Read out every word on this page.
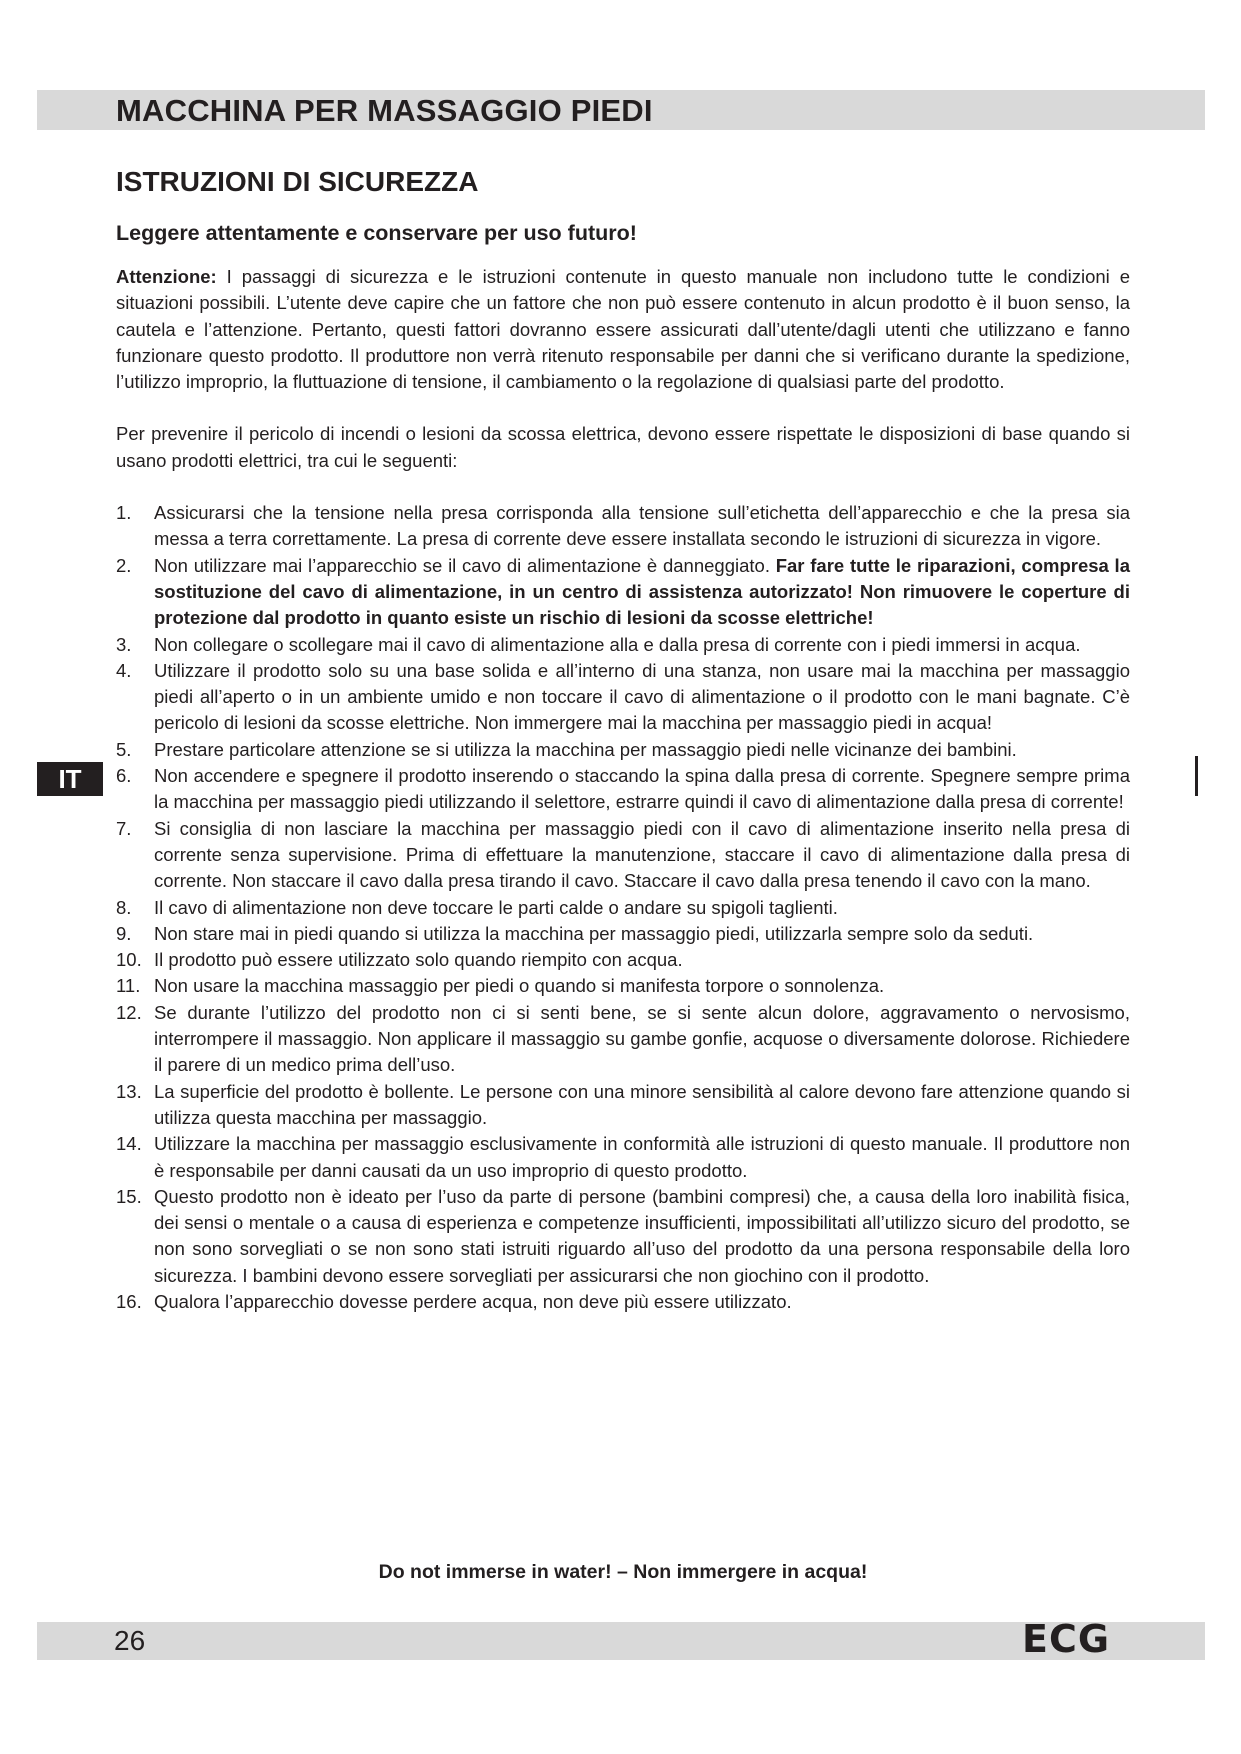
MACCHINA PER MASSAGGIO PIEDI
ISTRUZIONI DI SICUREZZA
Leggere attentamente e conservare per uso futuro!

Attenzione: I passaggi di sicurezza e le istruzioni contenute in questo manuale non includono tutte le condizioni e situazioni possibili. L’utente deve capire che un fattore che non può essere contenuto in alcun prodotto è il buon senso, la cautela e l’attenzione. Pertanto, questi fattori dovranno essere assicurati dall’utente/dagli utenti che utilizzano e fanno funzionare questo prodotto. Il produttore non verrà ritenuto responsabile per danni che si verificano durante la spedizione, l’utilizzo improprio, la fluttuazione di tensione, il cambiamento o la regolazione di qualsiasi parte del prodotto.

Per prevenire il pericolo di incendi o lesioni da scossa elettrica, devono essere rispettate le disposizioni di base quando si usano prodotti elettrici, tra cui le seguenti:

1.	Assicurarsi che la tensione nella presa corrisponda alla tensione sull’etichetta dell’apparecchio e che la presa sia messa a terra correttamente. La presa di corrente deve essere installata secondo le istruzioni di sicurezza in vigore.
2.	Non utilizzare mai l’apparecchio se il cavo di alimentazione è danneggiato. Far fare tutte le riparazioni, compresa la sostituzione del cavo di alimentazione, in un centro di assistenza autorizzato! Non rimuovere le coperture di protezione dal prodotto in quanto esiste un rischio di lesioni da scosse elettriche!
3.	Non collegare o scollegare mai il cavo di alimentazione alla e dalla presa di corrente con i piedi immersi in acqua.
4.	Utilizzare il prodotto solo su una base solida e all’interno di una stanza, non usare mai la macchina per massaggio piedi all’aperto o in un ambiente umido e non toccare il cavo di alimentazione o il prodotto con le mani bagnate. C’è pericolo di lesioni da scosse elettriche. Non immergere mai la macchina per massaggio piedi in acqua!
5.	Prestare particolare attenzione se si utilizza la macchina per massaggio piedi nelle vicinanze dei bambini.
6.	Non accendere e spegnere il prodotto inserendo o staccando la spina dalla presa di corrente. Spegnere sempre prima la macchina per massaggio piedi utilizzando il selettore, estrarre quindi il cavo di alimentazione dalla presa di corrente!
7.	Si consiglia di non lasciare la macchina per massaggio piedi con il cavo di alimentazione inserito nella presa di corrente senza supervisione. Prima di effettuare la manutenzione, staccare il cavo di alimentazione dalla presa di corrente. Non staccare il cavo dalla presa tirando il cavo. Staccare il cavo dalla presa tenendo il cavo con la mano.
8.	Il cavo di alimentazione non deve toccare le parti calde o andare su spigoli taglienti.
9.	Non stare mai in piedi quando si utilizza la macchina per massaggio piedi, utilizzarla sempre solo da seduti.
10. Il prodotto può essere utilizzato solo quando riempito con acqua.
11. Non usare la macchina massaggio per piedi o quando si manifesta torpore o sonnolenza.
12. Se durante l’utilizzo del prodotto non ci si senti bene, se si sente alcun dolore, aggravamento o nervosismo, interrompere il massaggio. Non applicare il massaggio su gambe gonfie, acquose o diversamente dolorose. Richiedere il parere di un medico prima dell’uso.
13. La superficie del prodotto è bollente. Le persone con una minore sensibilità al calore devono fare attenzione quando si utilizza questa macchina per massaggio.
14. Utilizzare la macchina per massaggio esclusivamente in conformità alle istruzioni di questo manuale. Il produttore non è responsabile per danni causati da un uso improprio di questo prodotto.
15. Questo prodotto non è ideato per l’uso da parte di persone (bambini compresi) che, a causa della loro inabilità fisica, dei sensi o mentale o a causa di esperienza e competenze insufficienti, impossibilitati all’utilizzo sicuro del prodotto, se non sono sorvegliati o se non sono stati istruiti riguardo all’uso del prodotto da una persona responsabile della loro sicurezza. I bambini devono essere sorvegliati per assicurarsi che non giochino con il prodotto.
16. Qualora l’apparecchio dovesse perdere acqua, non deve più essere utilizzato.

Do not immerse in water! – Non immergere in acqua!

IT
26	ECG
